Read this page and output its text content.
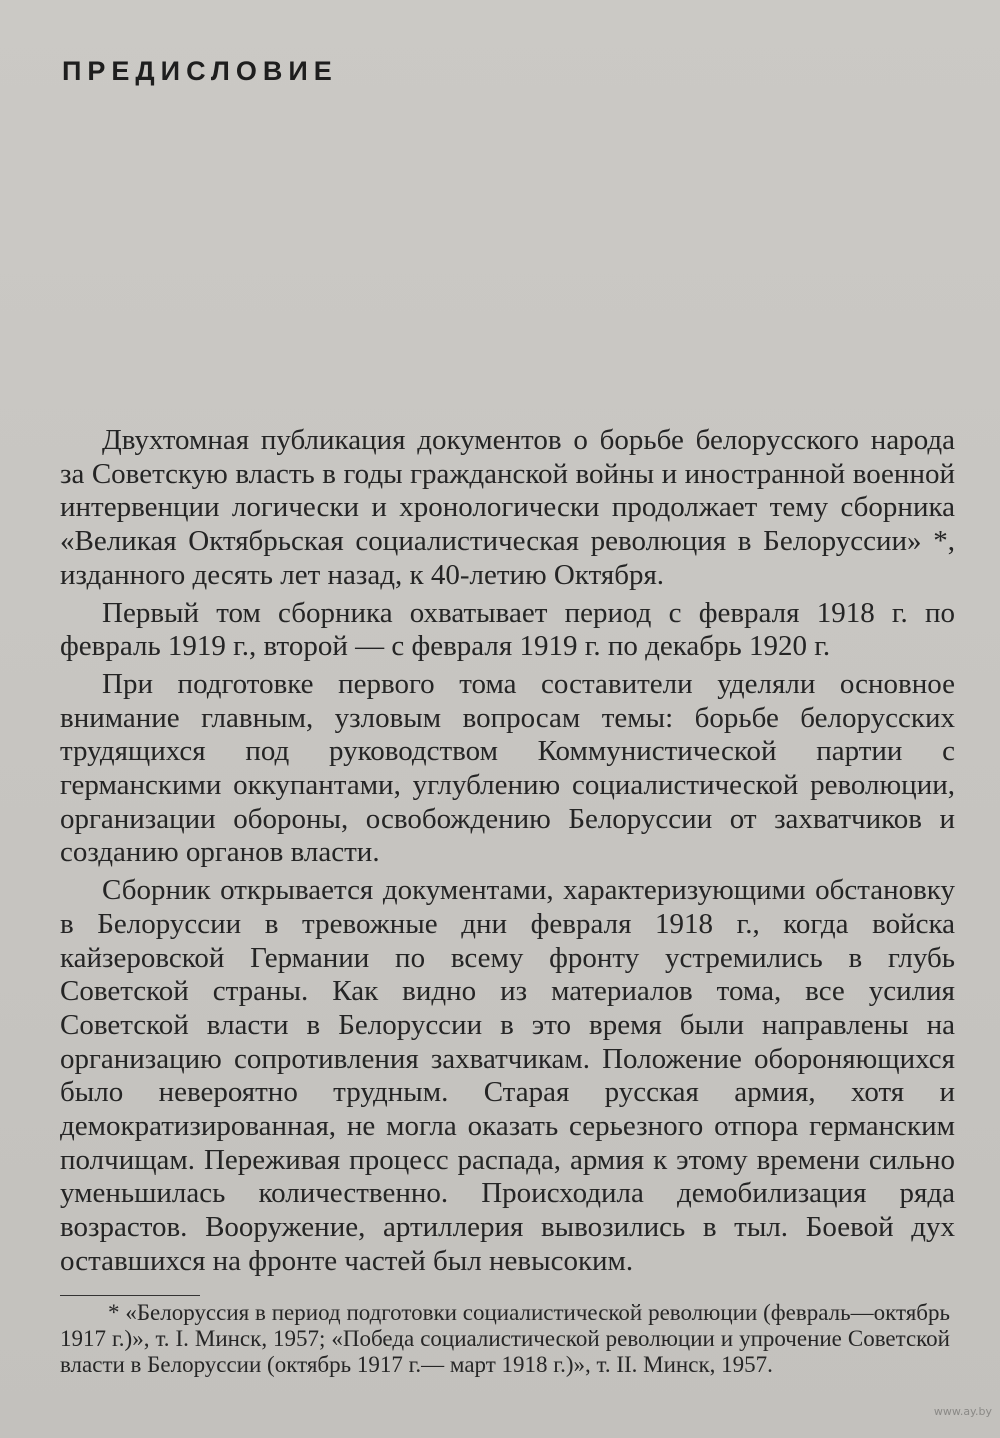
ПРЕДИСЛОВИЕ

Двухтомная публикация документов о борьбе белорусского народа за Советскую власть в годы гражданской войны и иностранной военной интервенции логически и хронологически продолжает тему сборника «Великая Октябрьская социалистическая революция в Белоруссии» *, изданного десять лет назад, к 40-летию Октября.

Первый том сборника охватывает период с февраля 1918 г. по февраль 1919 г., второй — с февраля 1919 г. по декабрь 1920 г.

При подготовке первого тома составители уделяли основное внимание главным, узловым вопросам темы: борьбе белорусских трудящихся под руководством Коммунистической партии с германскими оккупантами, углублению социалистической революции, организации обороны, освобождению Белоруссии от захватчиков и созданию органов власти.

Сборник открывается документами, характеризующими обстановку в Белоруссии в тревожные дни февраля 1918 г., когда войска кайзеровской Германии по всему фронту устремились в глубь Советской страны. Как видно из материалов тома, все усилия Советской власти в Белоруссии в это время были направлены на организацию сопротивления захватчикам. Положение обороняющихся было невероятно трудным. Старая русская армия, хотя и демократизированная, не могла оказать серьезного отпора германским полчищам. Переживая процесс распада, армия к этому времени сильно уменьшилась количественно. Происходила демобилизация ряда возрастов. Вооружение, артиллерия вывозились в тыл. Боевой дух оставшихся на фронте частей был невысоким.

* «Белоруссия в период подготовки социалистической революции (февраль—октябрь 1917 г.)», т. I. Минск, 1957; «Победа социалистической революции и упрочение Советской власти в Белоруссии (октябрь 1917 г.— март 1918 г.)», т. II. Минск, 1957.

www.ay.by
